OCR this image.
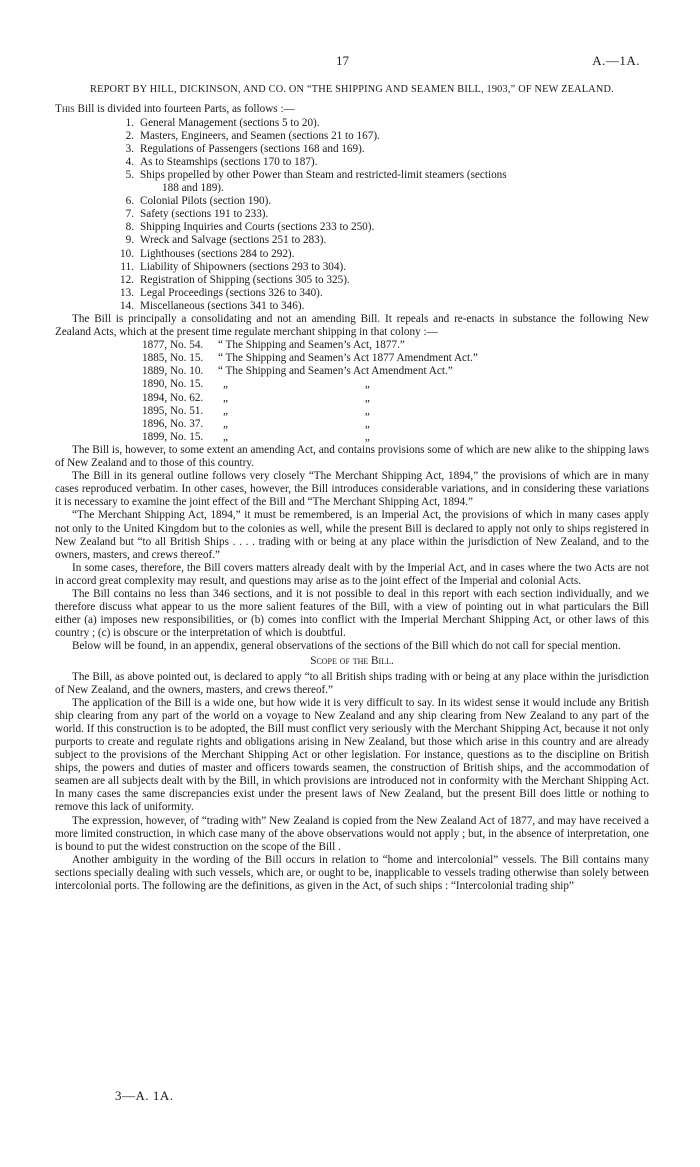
17	A.—1A.
REPORT BY HILL, DICKINSON, AND CO. ON “THE SHIPPING AND SEAMEN BILL, 1903,” OF NEW ZEALAND.

This Bill is divided into fourteen Parts, as follows :—

1. General Management (sections 5 to 20).
2. Masters, Engineers, and Seamen (sections 21 to 167).
3. Regulations of Passengers (sections 168 and 169).
4. As to Steamships (sections 170 to 187).
5. Ships propelled by other Power than Steam and restricted-limit steamers (sections
188 and 189).
6. Colonial Pilots (section 190).
7. Safety (sections 191 to 233).
8. Shipping Inquiries and Courts (sections 233 to 250).
9. Wreck and Salvage (sections 251 to 283).
10. Lighthouses (sections 284 to 292).
11. Liability of Shipowners (sections 293 to 304).
12. Registration of Shipping (sections 305 to 325).
13. Legal Proceedings (sections 326 to 340).
14. Miscellaneous (sections 341 to 346).

The Bill is principally a consolidating and not an amending Bill. It repeals and re-enacts in substance the following New Zealand Acts, which at the present time regulate merchant shipping in that colony :—

1877, No. 54.	“ The Shipping and Seamen’s Act, 1877.”	
1885, No. 15.	“ The Shipping and Seamen’s Act 1877 Amendment Act.”	
1889, No. 10.	“ The Shipping and Seamen’s Act Amendment Act.”	
1890, No. 15.	„	„
1894, No. 62.	„	„
1895, No. 51.	„	„
1896, No. 37.	„	„
1899, No. 15.	„	„

The Bill is, however, to some extent an amending Act, and contains provisions some of which are new alike to the shipping laws of New Zealand and to those of this country.

The Bill in its general outline follows very closely “The Merchant Shipping Act, 1894,” the provisions of which are in many cases reproduced verbatim. In other cases, however, the Bill introduces considerable variations, and in considering these variations it is necessary to examine the joint effect of the Bill and “The Merchant Shipping Act, 1894.”

“The Merchant Shipping Act, 1894,” it must be remembered, is an Imperial Act, the provisions of which in many cases apply not only to the United Kingdom but to the colonies as well, while the present Bill is declared to apply not only to ships registered in New Zealand but “to all British Ships . . . . trading with or being at any place within the jurisdiction of New Zealand, and to the owners, masters, and crews thereof.”

In some cases, therefore, the Bill covers matters already dealt with by the Imperial Act, and in cases where the two Acts are not in accord great complexity may result, and questions may arise as to the joint effect of the Imperial and colonial Acts.

The Bill contains no less than 346 sections, and it is not possible to deal in this report with each section individually, and we therefore discuss what appear to us the more salient features of the Bill, with a view of pointing out in what particulars the Bill either (a) imposes new responsibilities, or (b) comes into conflict with the Imperial Merchant Shipping Act, or other laws of this country ; (c) is obscure or the interpretation of which is doubtful.

Below will be found, in an appendix, general observations of the sections of the Bill which do not call for special mention.

Scope of the Bill.

The Bill, as above pointed out, is declared to apply “to all British ships trading with or being at any place within the jurisdiction of New Zealand, and the owners, masters, and crews thereof.”

The application of the Bill is a wide one, but how wide it is very difficult to say. In its widest sense it would include any British ship clearing from any part of the world on a voyage to New Zealand and any ship clearing from New Zealand to any part of the world. If this construction is to be adopted, the Bill must conflict very seriously with the Merchant Shipping Act, because it not only purports to create and regulate rights and obligations arising in New Zealand, but those which arise in this country and are already subject to the provisions of the Merchant Shipping Act or other legislation. For instance, questions as to the discipline on British ships, the powers and duties of master and officers towards seamen, the construction of British ships, and the accommodation of seamen are all subjects dealt with by the Bill, in which provisions are introduced not in conformity with the Merchant Shipping Act. In many cases the same discrepancies exist under the present laws of New Zealand, but the present Bill does little or nothing to remove this lack of uniformity.

The expression, however, of “trading with” New Zealand is copied from the New Zealand Act of 1877, and may have received a more limited construction, in which case many of the above observations would not apply ; but, in the absence of interpretation, one is bound to put the widest construction on the scope of the Bill .

Another ambiguity in the wording of the Bill occurs in relation to “home and intercolonial” vessels. The Bill contains many sections specially dealing with such vessels, which are, or ought to be, inapplicable to vessels trading otherwise than solely between intercolonial ports. The following are the definitions, as given in the Act, of such ships : “Intercolonial trading ship”

3—A. 1A.
